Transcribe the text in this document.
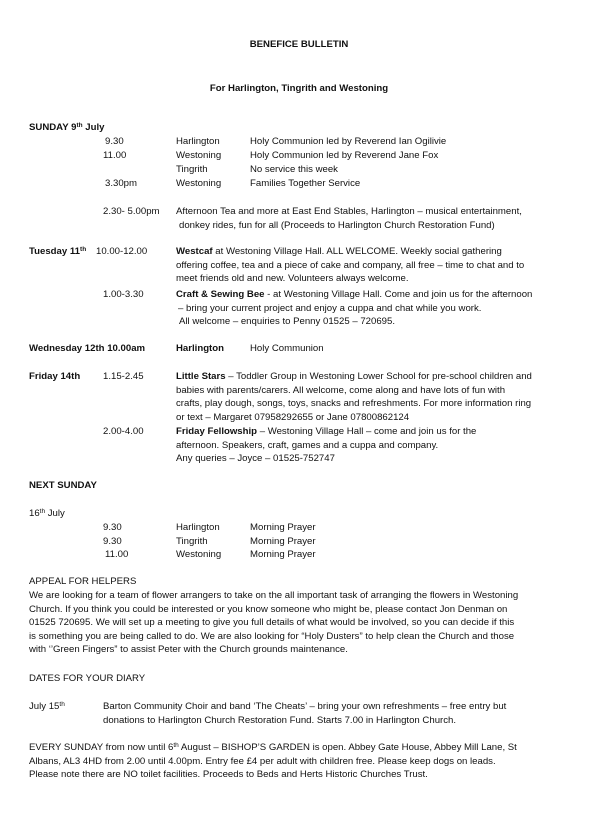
BENEFICE BULLETIN
For Harlington, Tingrith and Westoning
SUNDAY 9th July
9.30	Harlington	Holy Communion led by Reverend Ian Ogilivie
11.00	Westoning	Holy Communion led by Reverend Jane Fox
Tingrith	No service this week
3.30pm	Westoning	Families Together Service
2.30- 5.00pm Afternoon Tea and more at East End Stables, Harlington – musical entertainment,
donkey rides, fun for all (Proceeds to Harlington Church Restoration Fund)
Tuesday 11th 10.00-12.00	Westcaf at Westoning Village Hall. ALL WELCOME. Weekly social gathering
offering coffee, tea and a piece of cake and company, all free – time to chat and to
meet friends old and new. Volunteers always welcome.
1.00-3.30	Craft & Sewing Bee - at Westoning Village Hall. Come and join us for the afternoon
– bring your current project and enjoy a cuppa and chat while you work.
All welcome – enquiries to Penny 01525 – 720695.
Wednesday 12th 10.00am	Harlington	Holy Communion
Friday 14th 1.15-2.45	Little Stars – Toddler Group in Westoning Lower School for pre-school children and
babies with parents/carers. All welcome, come along and have lots of fun with
crafts, play dough, songs, toys, snacks and refreshments. For more information ring
or text – Margaret 07958292655 or Jane 07800862124
2.00-4.00	Friday Fellowship – Westoning Village Hall – come and join us for the
afternoon. Speakers, craft, games and a cuppa and company.
Any queries – Joyce – 01525-752747
NEXT SUNDAY
16th July
9.30	Harlington	Morning Prayer
9.30	Tingrith	Morning Prayer
11.00	Westoning	Morning Prayer
APPEAL FOR HELPERS
We are looking for a team of flower arrangers to take on the all important task of arranging the flowers in Westoning
Church. If you think you could be interested or you know someone who might be, please contact Jon Denman on
01525 720695. We will set up a meeting to give you full details of what would be involved, so you can decide if this
is something you are being called to do. We are also looking for “Holy Dusters” to help clean the Church and those
with ‘’Green Fingers” to assist Peter with the Church grounds maintenance.
DATES FOR YOUR DIARY
July 15th	Barton Community Choir and band ‘The Cheats’ – bring your own refreshments – free entry but
donations to Harlington Church Restoration Fund. Starts 7.00 in Harlington Church.
EVERY SUNDAY from now until 6th August – BISHOP’S GARDEN is open. Abbey Gate House, Abbey Mill Lane, St
Albans, AL3 4HD from 2.00 until 4.00pm. Entry fee £4 per adult with children free. Please keep dogs on leads.
Please note there are NO toilet facilities. Proceeds to Beds and Herts Historic Churches Trust.
